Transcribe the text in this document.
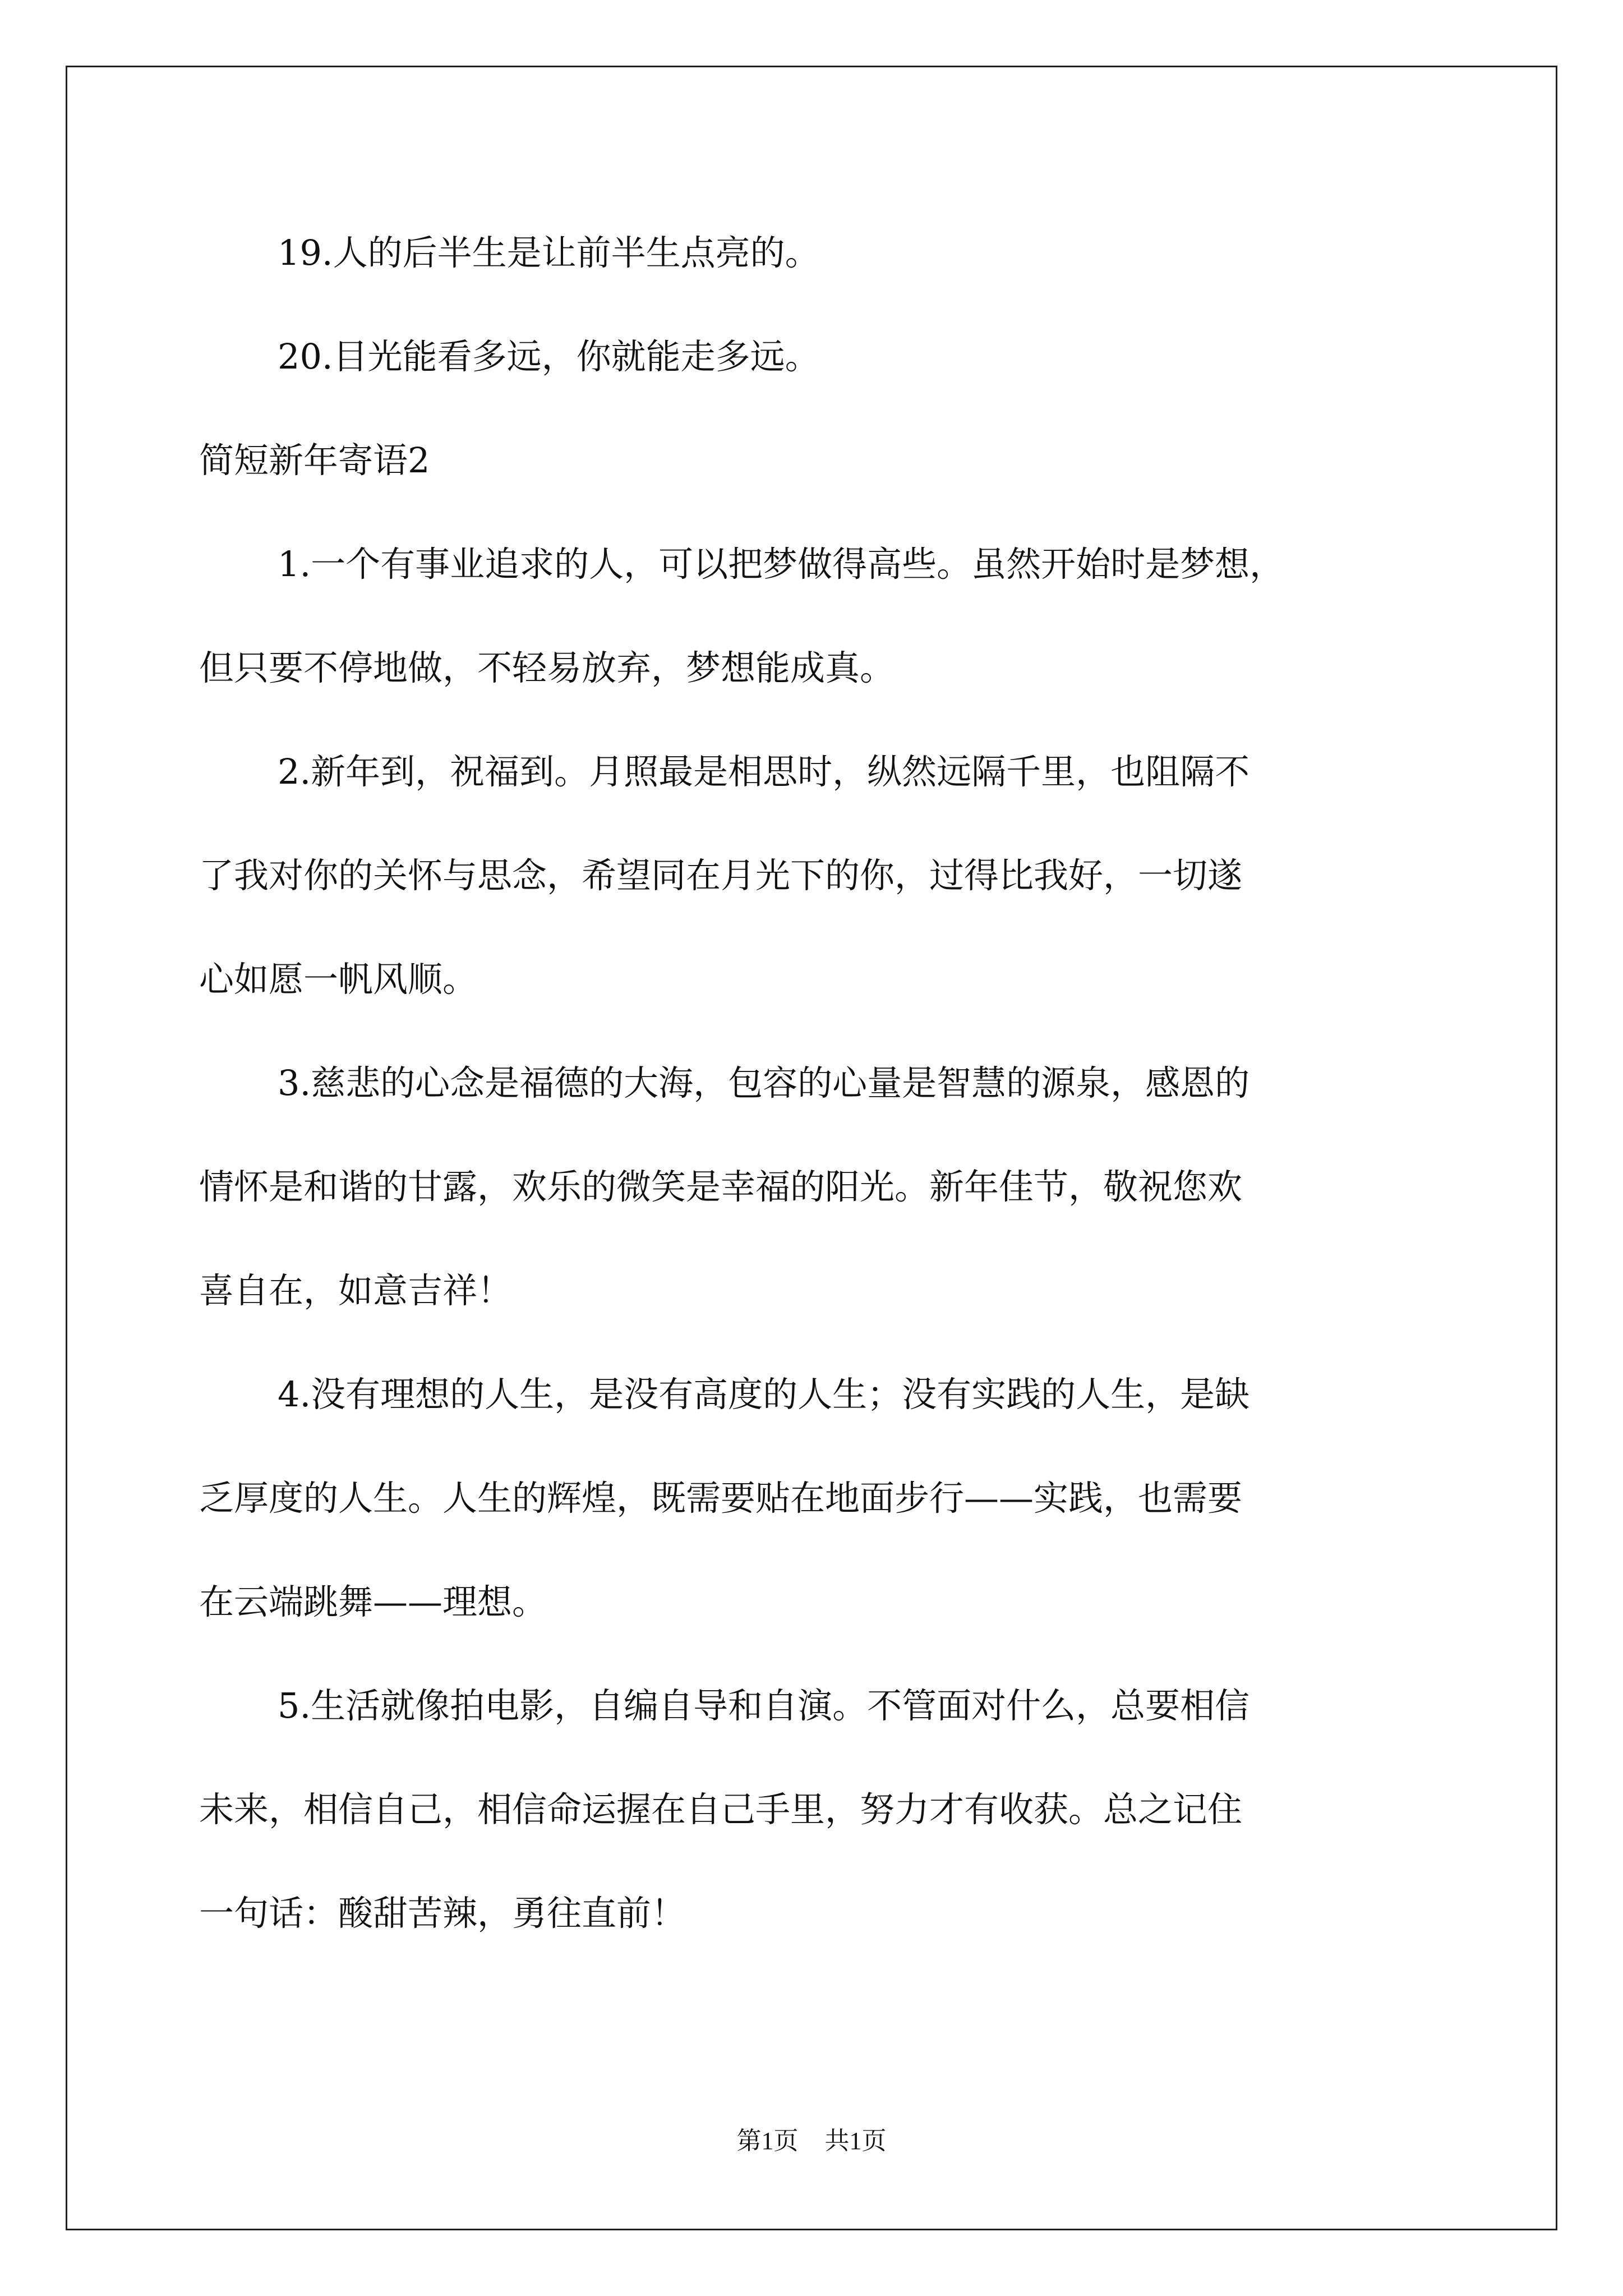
19.人的后半生是让前半生点亮的。
20.目光能看多远，你就能走多远。
简短新年寄语2
1.一个有事业追求的人，可以把梦做得高些。虽然开始时是梦想，
但只要不停地做，不轻易放弃，梦想能成真。
2.新年到，祝福到。月照最是相思时，纵然远隔千里，也阻隔不
了我对你的关怀与思念，希望同在月光下的你，过得比我好，一切遂
心如愿一帆风顺。
3.慈悲的心念是福德的大海，包容的心量是智慧的源泉，感恩的
情怀是和谐的甘露，欢乐的微笑是幸福的阳光。新年佳节，敬祝您欢
喜自在，如意吉祥！
4.没有理想的人生，是没有高度的人生；没有实践的人生，是缺
乏厚度的人生。人生的辉煌，既需要贴在地面步行——实践，也需要
在云端跳舞——理想。
5.生活就像拍电影，自编自导和自演。不管面对什么，总要相信
未来，相信自己，相信命运握在自己手里，努力才有收获。总之记住
一句话：酸甜苦辣，勇往直前！
第1页 共1页
